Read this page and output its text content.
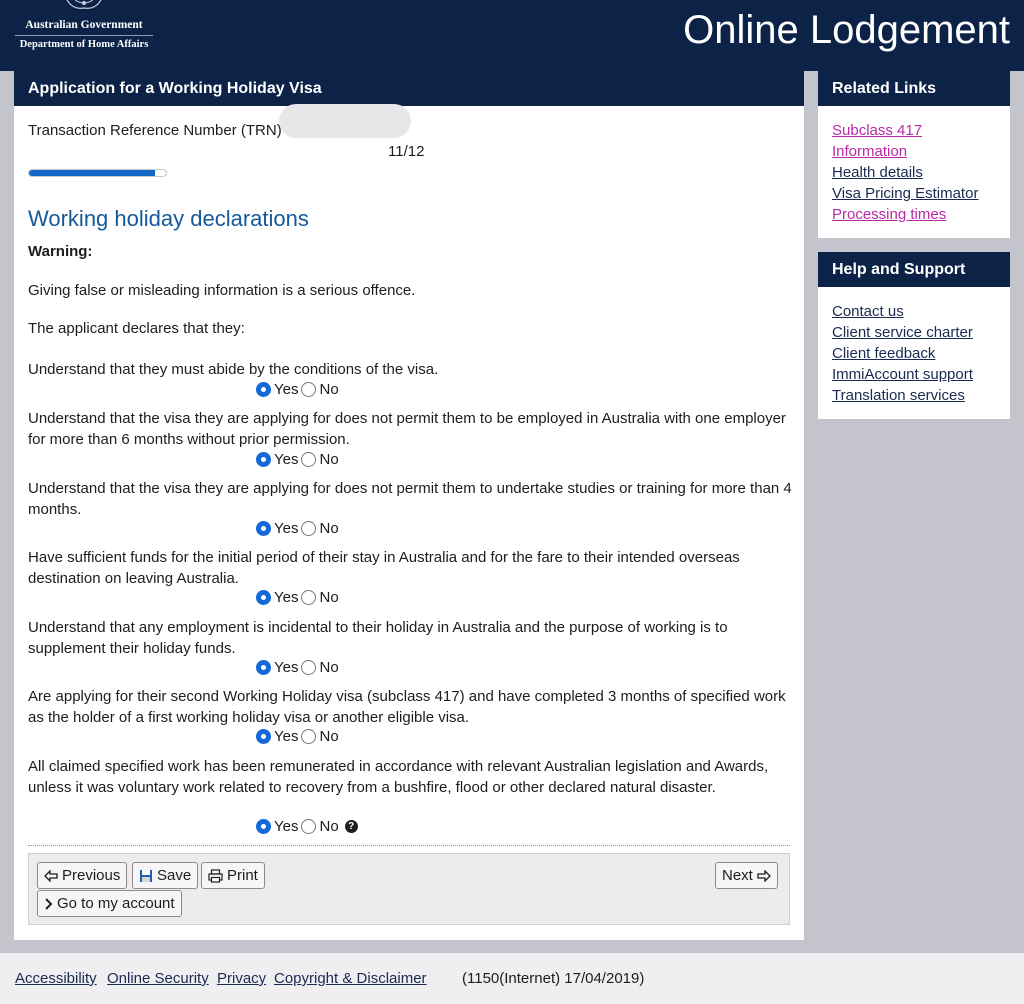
Australian Government
Department of Home Affairs	Online Lodgement
Application for a Working Holiday Visa
Transaction Reference Number (TRN)
11/12
Working holiday declarations
Warning:
Giving false or misleading information is a serious offence.
The applicant declares that they:
Understand that they must abide by the conditions of the visa.
Yes No
Understand that the visa they are applying for does not permit them to be employed in Australia with one employer for more than 6 months without prior permission.
Yes No
Understand that the visa they are applying for does not permit them to undertake studies or training for more than 4 months.
Yes No
Have sufficient funds for the initial period of their stay in Australia and for the fare to their intended overseas destination on leaving Australia.
Yes No
Understand that any employment is incidental to their holiday in Australia and the purpose of working is to supplement their holiday funds.
Yes No
Are applying for their second Working Holiday visa (subclass 417) and have completed 3 months of specified work as the holder of a first working holiday visa or another eligible visa.
Yes No
All claimed specified work has been remunerated in accordance with relevant Australian legislation and Awards, unless it was voluntary work related to recovery from a bushfire, flood or other declared natural disaster.
Yes No ?
Previous Save Print	Next
Go to my account
Related Links
Subclass 417
Information
Health details
Visa Pricing Estimator
Processing times
Help and Support
Contact us
Client service charter
Client feedback
ImmiAccount support
Translation services
Accessibility Online Security Privacy Copyright & Disclaimer (1150(Internet) 17/04/2019)
